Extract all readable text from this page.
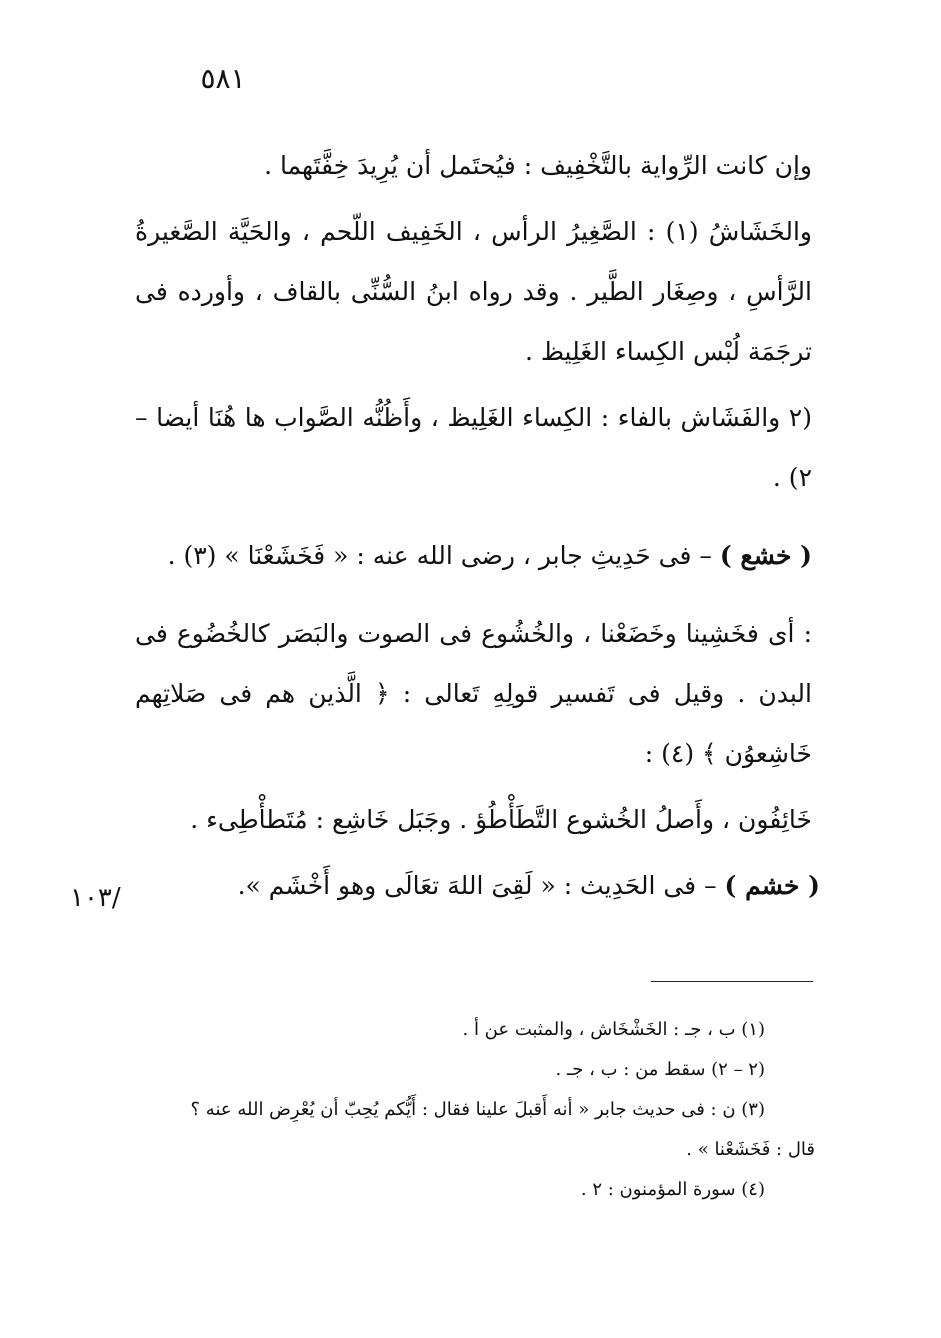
٥٨١

وإن كانت الرِّواية بالتَّخْفِيف : فيُحتَمل أن يُرِيدَ خِفَّتَهما .

والخَشَاشُ (١) : الصَّغِيرُ الرأس ، الخَفِيف اللّحم ، والحَيَّة الصَّغيرةُ الرَّأسِ ، وصِغَار الطَّير . وقد رواه ابنُ السُّنِّى بالقاف ، وأورده فى ترجَمَة لُبْس الكِساء الغَلِيظ .

(٢ والفَشَاش بالفاء : الكِساء الغَلِيظ ، وأَظُنُّه الصَّواب ها هُنَا أيضا – ٢) .

( خشع ) – فى حَدِيثِ جابر ، رضى الله عنه : « فَخَشَعْنَا » (٣) .

: أى فخَشِينا وخَضَعْنا ، والخُشُوع فى الصوت والبَصَر كالخُضُوع فى البدن . وقيل فى تَفسير قولِهِ تَعالى : ﴿ الَّذين هم فى صَلاتِهم خَاشِعوُن ﴾ (٤) :

خَائِفُون ، وأَصلُ الخُشوع التَّطَأْطُؤ . وجَبَل خَاشِع : مُتَطأْطِىء .

( خشم ) – فى الحَدِيث : « لَقِىَ اللهَ تعَالَى وهو أَخْشَم ».

١٠٣/

(١) ب ، جـ : الخَشْخَاش ، والمثبت عن أ .

(٢ – ٢) سقط من : ب ، جـ .

(٣) ن : فى حديث جابر « أنه أَقبلَ علينا فقال : أَيُّكم يُحِبّ أن يُعْرِض الله عنه ؟

قال : فَخَشَعْنا » .

(٤) سورة المؤمنون : ٢ .
